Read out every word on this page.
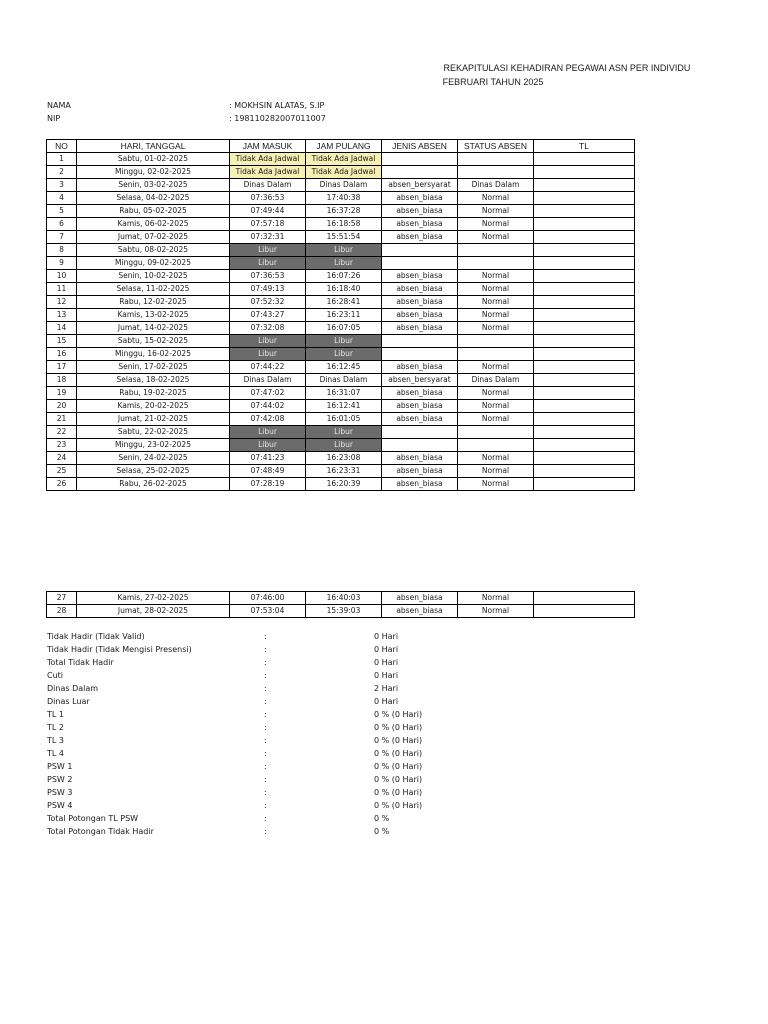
REKAPITULASI KEHADIRAN PEGAWAI ASN PER INDIVIDU
FEBRUARI TAHUN 2025
NAMA	: MOKHSIN ALATAS, S.IP
NIP	: 198110282007011007
NO	HARI, TANGGAL	JAM MASUK	JAM PULANG	JENIS ABSEN	STATUS ABSEN	TL
1	Sabtu, 01-02-2025	Tidak Ada Jadwal	Tidak Ada Jadwal			
2	Minggu, 02-02-2025	Tidak Ada Jadwal	Tidak Ada Jadwal			
3	Senin, 03-02-2025	Dinas Dalam	Dinas Dalam	absen_bersyarat	Dinas Dalam	
4	Selasa, 04-02-2025	07:36:53	17:40:38	absen_biasa	Normal	
5	Rabu, 05-02-2025	07:49:44	16:37:28	absen_biasa	Normal	
6	Kamis, 06-02-2025	07:57:18	16:18:58	absen_biasa	Normal	
7	Jumat, 07-02-2025	07:32:31	15:51:54	absen_biasa	Normal	
8	Sabtu, 08-02-2025	Libur	Libur			
9	Minggu, 09-02-2025	Libur	Libur			
10	Senin, 10-02-2025	07:36:53	16:07:26	absen_biasa	Normal	
11	Selasa, 11-02-2025	07:49:13	16:18:40	absen_biasa	Normal	
12	Rabu, 12-02-2025	07:52:32	16:28:41	absen_biasa	Normal	
13	Kamis, 13-02-2025	07:43:27	16:23:11	absen_biasa	Normal	
14	Jumat, 14-02-2025	07:32:08	16:07:05	absen_biasa	Normal	
15	Sabtu, 15-02-2025	Libur	Libur			
16	Minggu, 16-02-2025	Libur	Libur			
17	Senin, 17-02-2025	07:44:22	16:12:45	absen_biasa	Normal	
18	Selasa, 18-02-2025	Dinas Dalam	Dinas Dalam	absen_bersyarat	Dinas Dalam	
19	Rabu, 19-02-2025	07:47:02	16:31:07	absen_biasa	Normal	
20	Kamis, 20-02-2025	07:44:02	16:12:41	absen_biasa	Normal	
21	Jumat, 21-02-2025	07:42:08	16:01:05	absen_biasa	Normal	
22	Sabtu, 22-02-2025	Libur	Libur			
23	Minggu, 23-02-2025	Libur	Libur			
24	Senin, 24-02-2025	07:41:23	16:23:08	absen_biasa	Normal	
25	Selasa, 25-02-2025	07:48:49	16:23:31	absen_biasa	Normal	
26	Rabu, 26-02-2025	07:28:19	16:20:39	absen_biasa	Normal	
27	Kamis, 27-02-2025	07:46:00	16:40:03	absen_biasa	Normal	
28	Jumat, 28-02-2025	07:53:04	15:39:03	absen_biasa	Normal	
Tidak Hadir (Tidak Valid)	:	0 Hari
Tidak Hadir (Tidak Mengisi Presensi)	:	0 Hari
Total Tidak Hadir	:	0 Hari
Cuti	:	0 Hari
Dinas Dalam	:	2 Hari
Dinas Luar	:	0 Hari
TL 1	:	0 % (0 Hari)
TL 2	:	0 % (0 Hari)
TL 3	:	0 % (0 Hari)
TL 4	:	0 % (0 Hari)
PSW 1	:	0 % (0 Hari)
PSW 2	:	0 % (0 Hari)
PSW 3	:	0 % (0 Hari)
PSW 4	:	0 % (0 Hari)
Total Potongan TL PSW	:	0 %
Total Potongan Tidak Hadir	:	0 %
